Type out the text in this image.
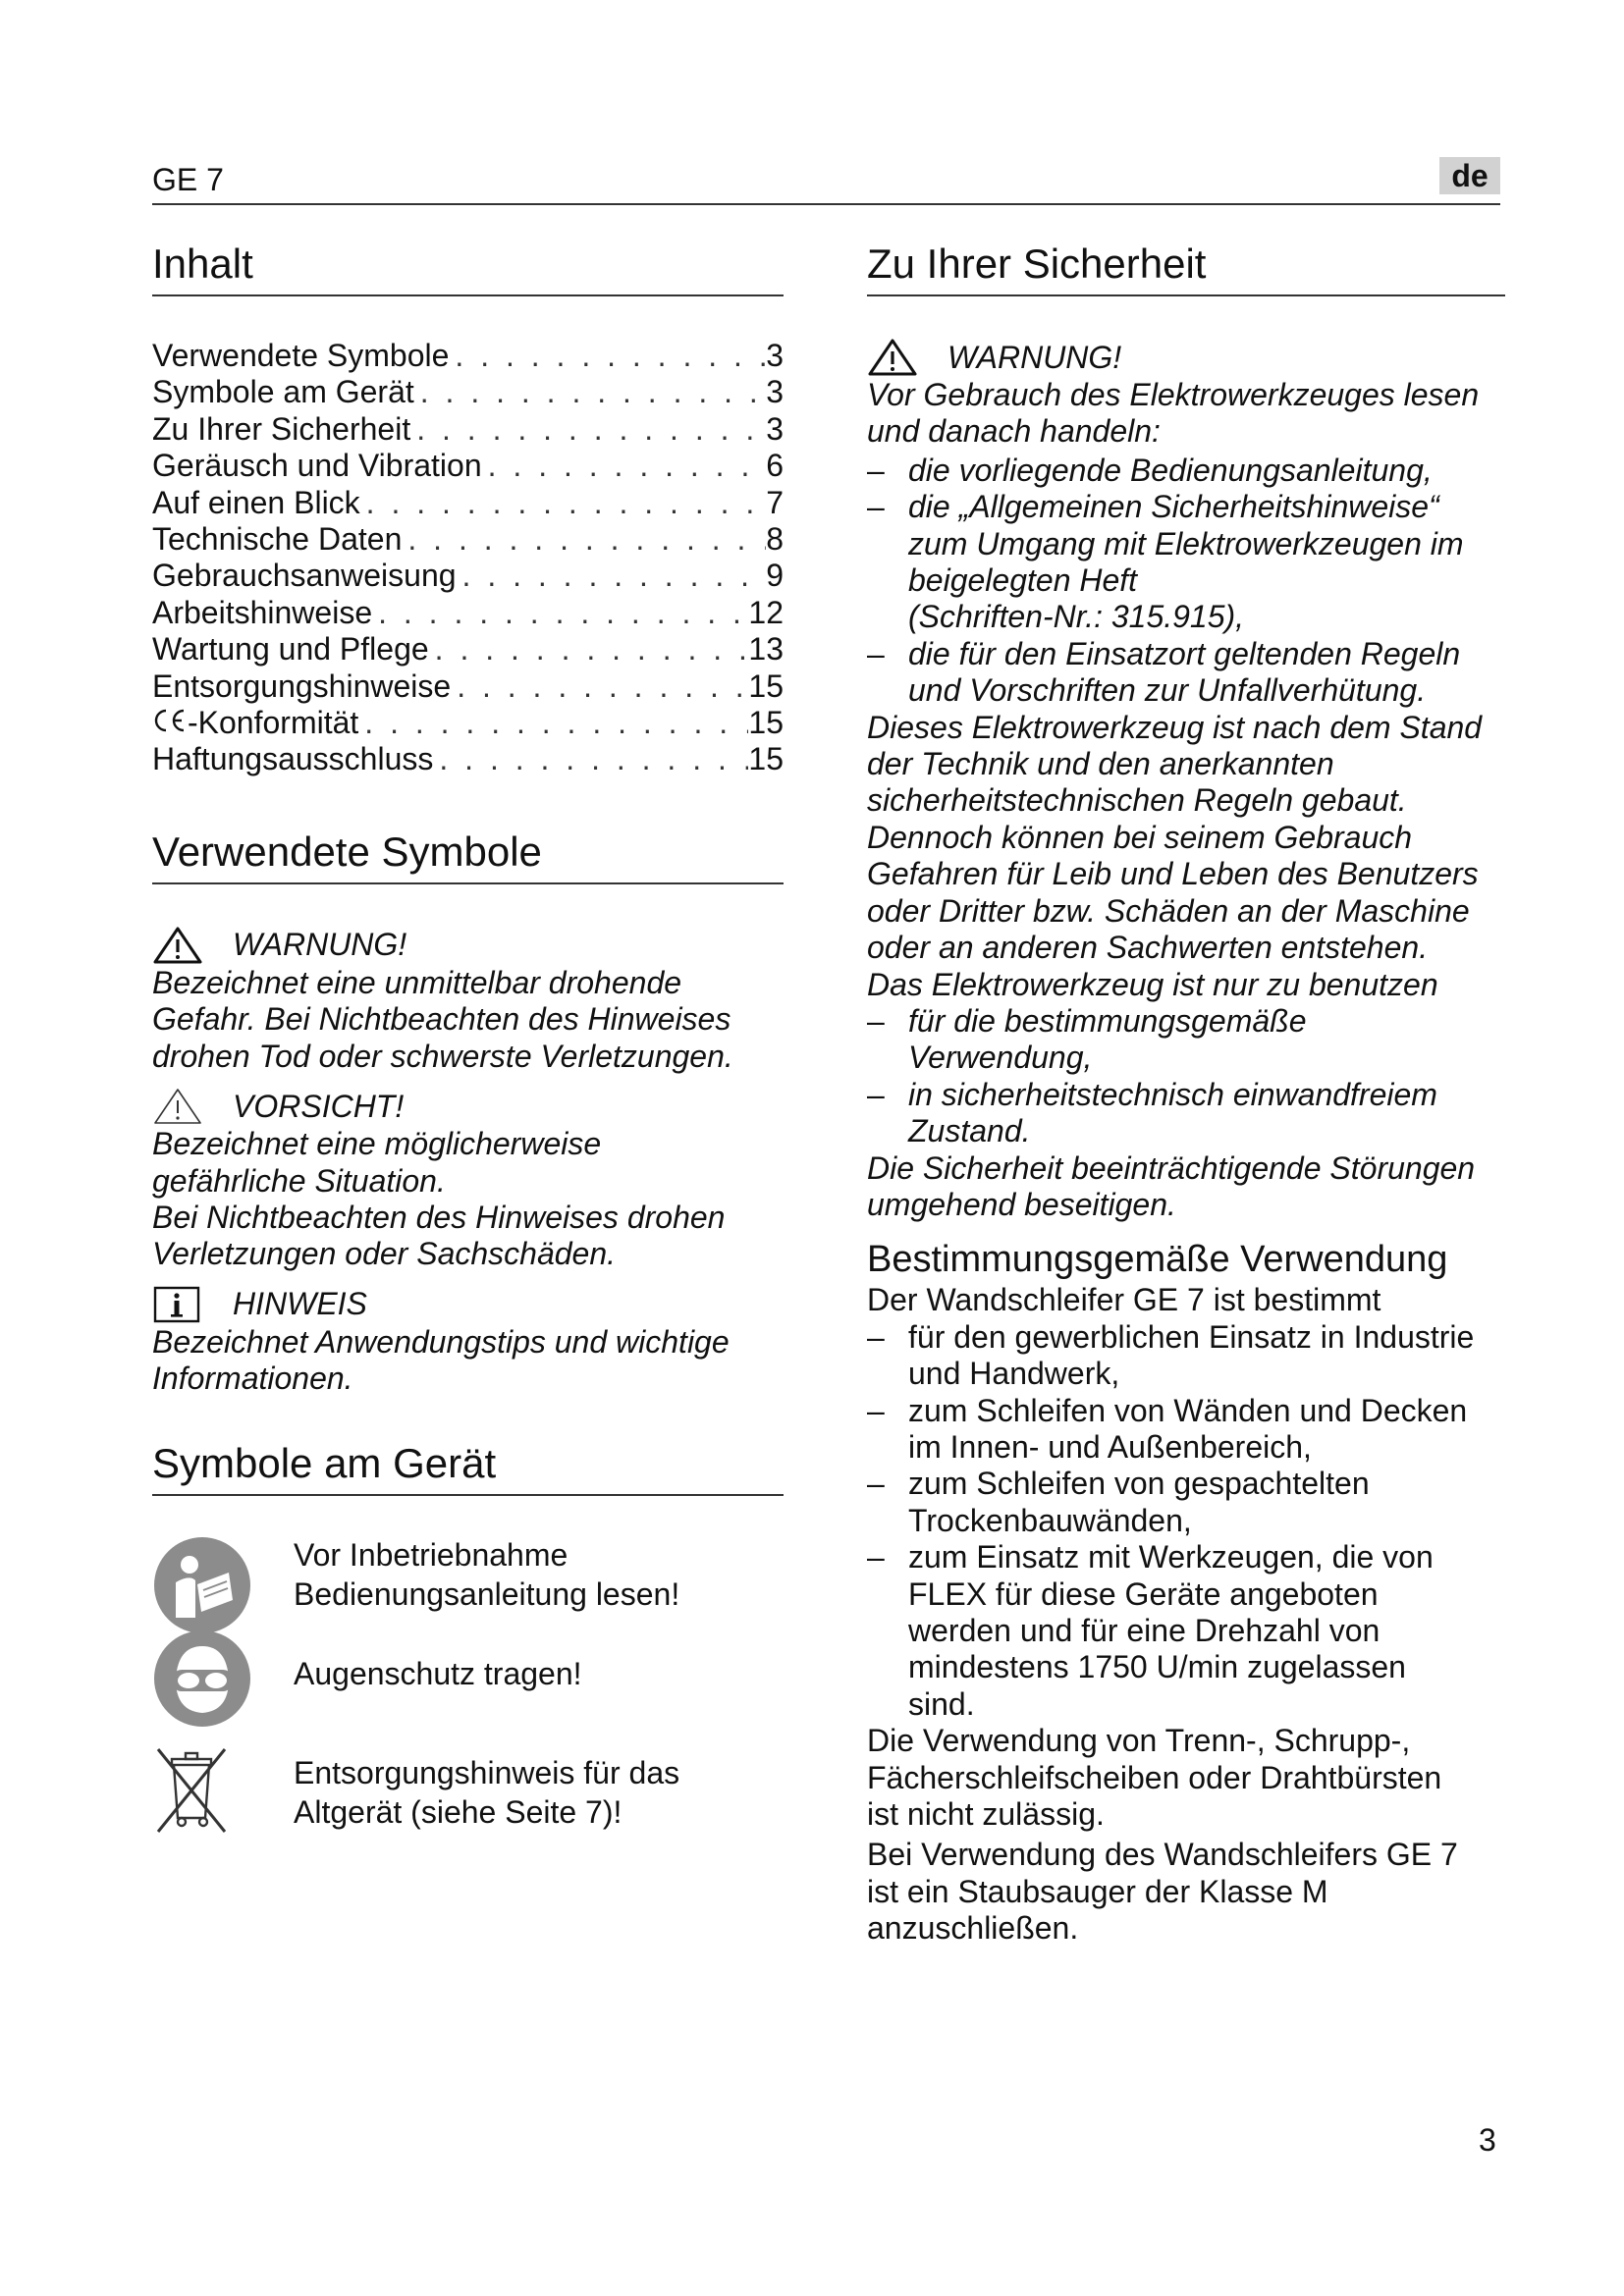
GE 7	de
Inhalt
Verwendete Symbole . . .	3
Symbole am Gerät . . .	3
Zu Ihrer Sicherheit . . .	3
Geräusch und Vibration . . .	6
Auf einen Blick . . .	7
Technische Daten . . .	8
Gebrauchsanweisung . . .	9
Arbeitshinweise . . .	12
Wartung und Pflege . . .	13
Entsorgungshinweise . . .	15
-Konformität . . .	15
Haftungsausschluss . . .	15
Verwendete Symbole
WARNUNG!
Bezeichnet eine unmittelbar drohende
Gefahr. Bei Nichtbeachten des Hinweises
drohen Tod oder schwerste Verletzungen.
VORSICHT!
Bezeichnet eine möglicherweise
gefährliche Situation.
Bei Nichtbeachten des Hinweises drohen
Verletzungen oder Sachschäden.
HINWEIS
Bezeichnet Anwendungstips und wichtige
Informationen.
Symbole am Gerät
Vor Inbetriebnahme
Bedienungsanleitung lesen!
Augenschutz tragen!
Entsorgungshinweis für das
Altgerät (siehe Seite 7)!
Zu Ihrer Sicherheit
WARNUNG!
Vor Gebrauch des Elektrowerkzeuges lesen
und danach handeln:
– die vorliegende Bedienungsanleitung,
– die „Allgemeinen Sicherheitshinweise“
zum Umgang mit Elektrowerkzeugen im
beigelegten Heft
(Schriften-Nr.: 315.915),
– die für den Einsatzort geltenden Regeln
und Vorschriften zur Unfallverhütung.
Dieses Elektrowerkzeug ist nach dem Stand
der Technik und den anerkannten
sicherheitstechnischen Regeln gebaut.
Dennoch können bei seinem Gebrauch
Gefahren für Leib und Leben des Benutzers
oder Dritter bzw. Schäden an der Maschine
oder an anderen Sachwerten entstehen.
Das Elektrowerkzeug ist nur zu benutzen
– für die bestimmungsgemäße
Verwendung,
– in sicherheitstechnisch einwandfreiem
Zustand.
Die Sicherheit beeinträchtigende Störungen
umgehend beseitigen.
Bestimmungsgemäße Verwendung
Der Wandschleifer GE 7 ist bestimmt
– für den gewerblichen Einsatz in Industrie
und Handwerk,
– zum Schleifen von Wänden und Decken
im Innen- und Außenbereich,
– zum Schleifen von gespachtelten
Trockenbauwänden,
– zum Einsatz mit Werkzeugen, die von
FLEX für diese Geräte angeboten
werden und für eine Drehzahl von
mindestens 1750 U/min zugelassen
sind.
Die Verwendung von Trenn-, Schrupp-,
Fächerschleifscheiben oder Drahtbürsten
ist nicht zulässig.
Bei Verwendung des Wandschleifers GE 7
ist ein Staubsauger der Klasse M
anzuschließen.
3
